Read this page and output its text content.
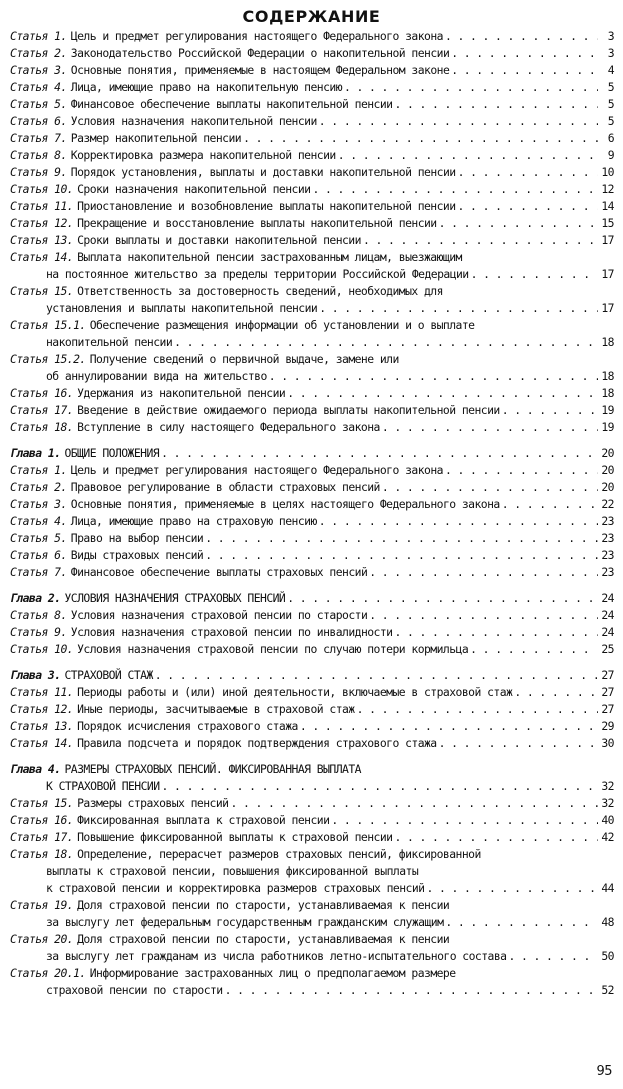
СОДЕРЖАНИЕ
Статья 1. Цель и предмет регулирования настоящего Федерального закона . . .	3
Статья 2. Законодательство Российской Федерации о накопительной пенсии . . .	3
Статья 3. Основные понятия, применяемые в настоящем Федеральном законе . . .	4
Статья 4. Лица, имеющие право на накопительную пенсию . . .	5
Статья 5. Финансовое обеспечение выплаты накопительной пенсии . . .	5
Статья 6. Условия назначения накопительной пенсии . . .	5
Статья 7. Размер накопительной пенсии . . .	6
Статья 8. Корректировка размера накопительной пенсии . . .	9
Статья 9. Порядок установления, выплаты и доставки накопительной пенсии . . .	10
Статья 10. Сроки назначения накопительной пенсии . . .	12
Статья 11. Приостановление и возобновление выплаты накопительной пенсии . . .	14
Статья 12. Прекращение и восстановление выплаты накопительной пенсии . . .	15
Статья 13. Сроки выплаты и доставки накопительной пенсии . . .	17
Статья 14. Выплата накопительной пенсии застрахованным лицам, выезжающим
на постоянное жительство за пределы территории Российской Федерации . . .	17
Статья 15. Ответственность за достоверность сведений, необходимых для
установления и выплаты накопительной пенсии . . .	17
Статья 15.1. Обеспечение размещения информации об установлении и о выплате
накопительной пенсии . . .	18
Статья 15.2. Получение сведений о первичной выдаче, замене или
об аннулировании вида на жительство . . .	18
Статья 16. Удержания из накопительной пенсии . . .	18
Статья 17. Введение в действие ожидаемого периода выплаты накопительной пенсии . . .	19
Статья 18. Вступление в силу настоящего Федерального закона . . .	19
Глава 1. ОБЩИЕ ПОЛОЖЕНИЯ . . .	20
Статья 1. Цель и предмет регулирования настоящего Федерального закона . . .	20
Статья 2. Правовое регулирование в области страховых пенсий . . .	20
Статья 3. Основные понятия, применяемые в целях настоящего Федерального закона . . .	22
Статья 4. Лица, имеющие право на страховую пенсию . . .	23
Статья 5. Право на выбор пенсии . . .	23
Статья 6. Виды страховых пенсий . . .	23
Статья 7. Финансовое обеспечение выплаты страховых пенсий . . .	23
Глава 2. УСЛОВИЯ НАЗНАЧЕНИЯ СТРАХОВЫХ ПЕНСИЙ . . .	24
Статья 8. Условия назначения страховой пенсии по старости . . .	24
Статья 9. Условия назначения страховой пенсии по инвалидности . . .	24
Статья 10. Условия назначения страховой пенсии по случаю потери кормильца . . .	25
Глава 3. СТРАХОВОЙ СТАЖ . . .	27
Статья 11. Периоды работы и (или) иной деятельности, включаемые в страховой стаж . . .	27
Статья 12. Иные периоды, засчитываемые в страховой стаж . . .	27
Статья 13. Порядок исчисления страхового стажа . . .	29
Статья 14. Правила подсчета и порядок подтверждения страхового стажа . . .	30
Глава 4. РАЗМЕРЫ СТРАХОВЫХ ПЕНСИЙ. ФИКСИРОВАННАЯ ВЫПЛАТА
К СТРАХОВОЙ ПЕНСИИ . . .	32
Статья 15. Размеры страховых пенсий . . .	32
Статья 16. Фиксированная выплата к страховой пенсии . . .	40
Статья 17. Повышение фиксированной выплаты к страховой пенсии . . .	42
Статья 18. Определение, перерасчет размеров страховых пенсий, фиксированной
выплаты к страховой пенсии, повышения фиксированной выплаты
к страховой пенсии и корректировка размеров страховых пенсий . . .	44
Статья 19. Доля страховой пенсии по старости, устанавливаемая к пенсии
за выслугу лет федеральным государственным гражданским служащим . . .	48
Статья 20. Доля страховой пенсии по старости, устанавливаемая к пенсии
за выслугу лет гражданам из числа работников летно-испытательного состава . . .	50
Статья 20.1. Информирование застрахованных лиц о предполагаемом размере
страховой пенсии по старости . . .	52
95
